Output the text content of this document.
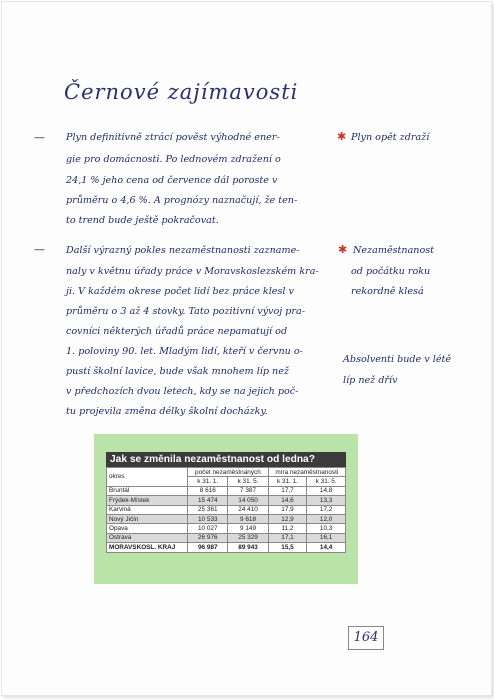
Černové zajímavosti
— Plyn definitivně ztrácí pověst výhodné ener-
gie pro domácnosti. Po lednovém zdražení o
24,1 % jeho cena od července dál poroste v
průměru o 4,6 %. A prognózy naznačují, že ten-
to trend bude ještě pokračovat.
✱ Plyn opět zdraží
— Další výrazný pokles nezaměstnanosti zazname-
naly v květnu úřady práce v Moravskoslezském kra-
ji. V každém okrese počet lidí bez práce klesl v
průměru o 3 až 4 stovky. Tato pozitivní vývoj pra-
covníci některých úřadů práce nepamatují od
1. poloviny 90. let. Mladým lidí, kteří v červnu o-
pustí školní lavice, bude však mnohem líp než
v předchozích dvou letech, kdy se na jejich poč-
tu projevila změna délky školní docházky.
✱ Nezaměstnanost
od počátku roku
rekordně klesá
Absolventi bude v létě
líp než dřív
Jak se změnila nezaměstnanost od ledna?
okres	počet nezaměstnaných		míra nezaměstnanosti	
	k 31. 1.	k 31. 5.	k 31. 1.	k 31. 5.
Bruntál	8 616	7 387	17,7	14,8
Frýdek-Místek	15 474	14 050	14,6	13,3
Karviná	25 361	24 410	17,9	17,2
Nový Jičín	10 533	9 618	12,9	12,0
Opava	10 027	9 149	11,2	10,3
Ostrava	26 976	25 329	17,1	16,1
MORAVSKOSL. KRAJ	96 987	89 943	15,5	14,4
164
